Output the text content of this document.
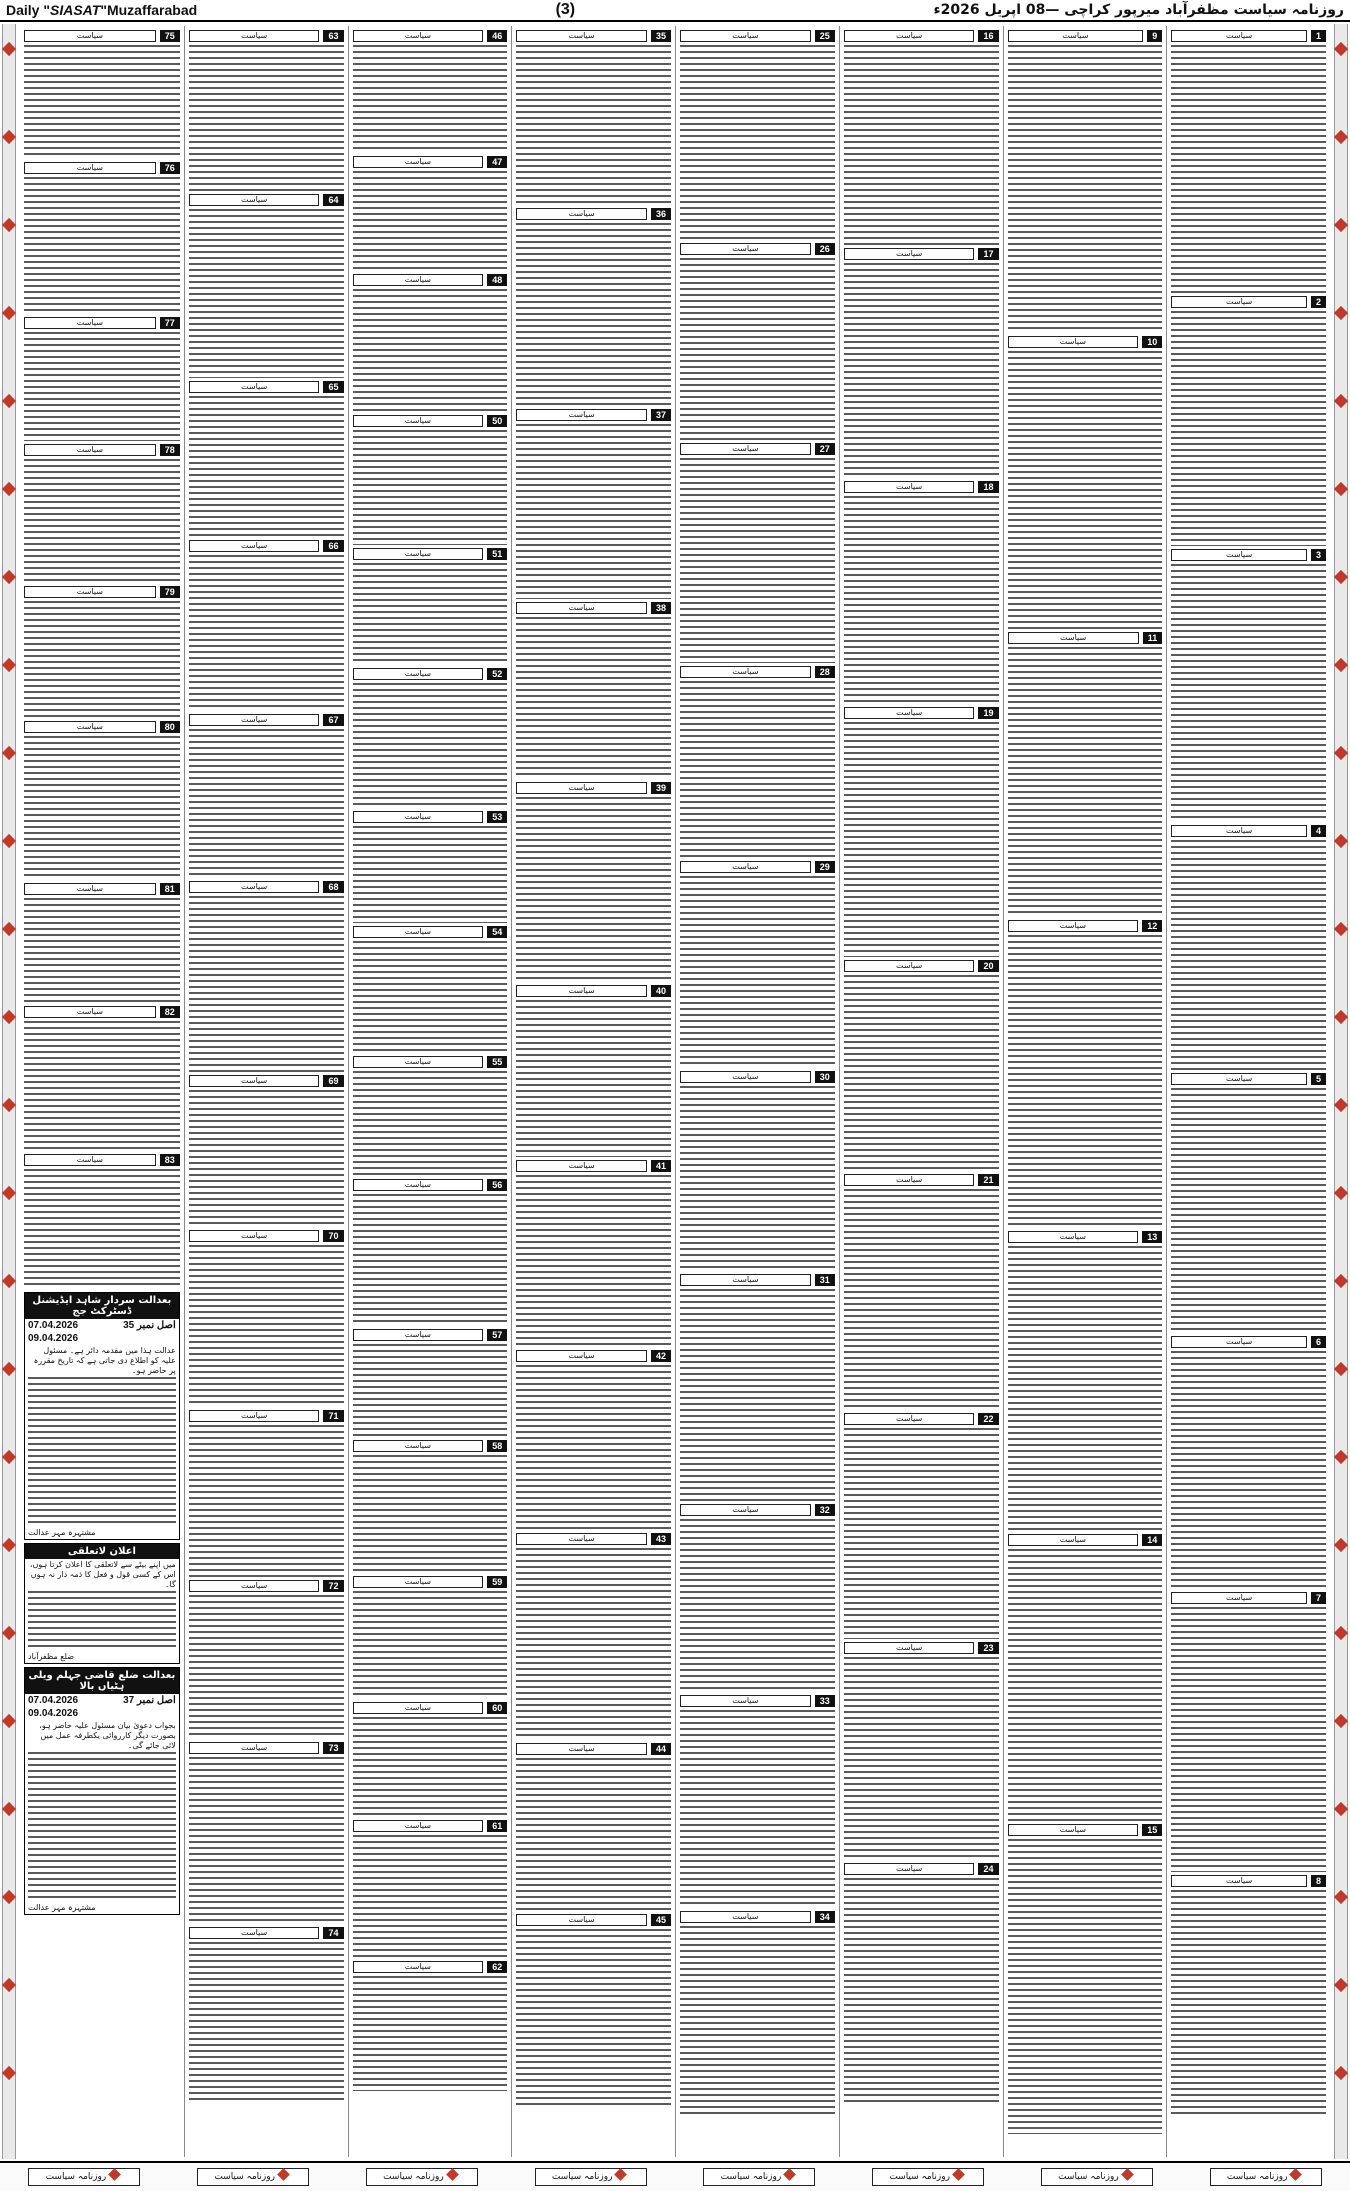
Daily "SIASAT"Muzaffarabad	(3)	روزنامہ سیاست مظفرآباد میرپور کراچی —08 اپریل 2026ء
1
سیاست
2
سیاست
3
سیاست
4
سیاست
5
سیاست
6
سیاست
7
سیاست
8
سیاست
9
سیاست
10
سیاست
11
سیاست
12
سیاست
13
سیاست
14
سیاست
15
سیاست
16
سیاست
17
سیاست
18
سیاست
19
سیاست
20
سیاست
21
سیاست
22
سیاست
23
سیاست
24
سیاست
25
سیاست
26
سیاست
27
سیاست
28
سیاست
29
سیاست
30
سیاست
31
سیاست
32
سیاست
33
سیاست
34
سیاست
35
سیاست
36
سیاست
37
سیاست
38
سیاست
39
سیاست
40
سیاست
41
سیاست
42
سیاست
43
سیاست
44
سیاست
45
سیاست
46
سیاست
47
سیاست
48
سیاست
50
سیاست
51
سیاست
52
سیاست
53
سیاست
54
سیاست
55
سیاست
56
سیاست
57
سیاست
58
سیاست
59
سیاست
60
سیاست
61
سیاست
62
سیاست
63
سیاست
64
سیاست
65
سیاست
66
سیاست
67
سیاست
68
سیاست
69
سیاست
70
سیاست
71
سیاست
72
سیاست
73
سیاست
74
سیاست
75
سیاست
76
سیاست
77
سیاست
78
سیاست
79
سیاست
80
سیاست
81
سیاست
82
سیاست
83
سیاست
بعدالت سردار شاہد ایڈیشنل ڈسٹرکٹ جج
07.04.2026	اصل نمبر 35
09.04.2026
عدالت ہذا میں مقدمہ دائر ہے۔ مسئول علیہ کو اطلاع دی جاتی ہے کہ تاریخ مقررہ پر حاضر ہو۔
مشتہرہ مہر عدالت
اعلان لاتعلقی
میں اپنے بیٹے سے لاتعلقی کا اعلان کرتا ہوں، اس کے کسی قول و فعل کا ذمہ دار نہ ہوں گا۔
ضلع مظفرآباد
بعدالت ضلع قاضی جہلم ویلی ہٹیاں بالا
07.04.2026	اصل نمبر 37
09.04.2026
بجواب دعویٰ بیان مسئول علیہ حاضر ہو، بصورت دیگر کارروائی یکطرفہ عمل میں لائی جائے گی۔
مشتہرہ مہر عدالت
روزنامہ سیاست	روزنامہ سیاست	روزنامہ سیاست	روزنامہ سیاست	روزنامہ سیاست	روزنامہ سیاست	روزنامہ سیاست	روزنامہ سیاست
